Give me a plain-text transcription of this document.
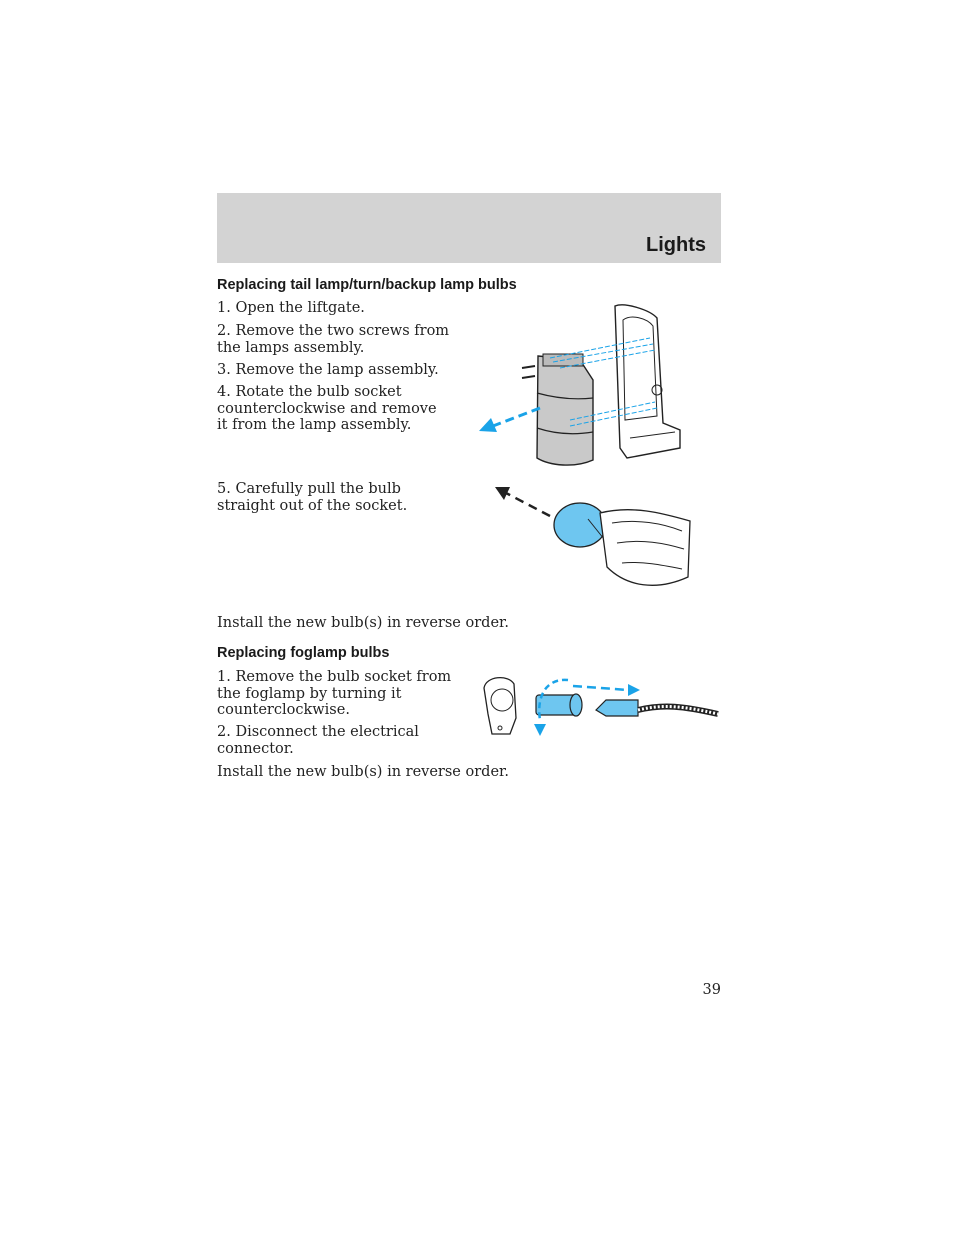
Lights
Replacing tail lamp/turn/backup lamp bulbs
1. Open the liftgate.
2. Remove the two screws from the lamps assembly.
3. Remove the lamp assembly.
4. Rotate the bulb socket counterclockwise and remove it from the lamp assembly.
5. Carefully pull the bulb straight out of the socket.
Install the new bulb(s) in reverse order.
Replacing foglamp bulbs
1. Remove the bulb socket from the foglamp by turning it counterclockwise.
2. Disconnect the electrical connector.
Install the new bulb(s) in reverse order.
39
